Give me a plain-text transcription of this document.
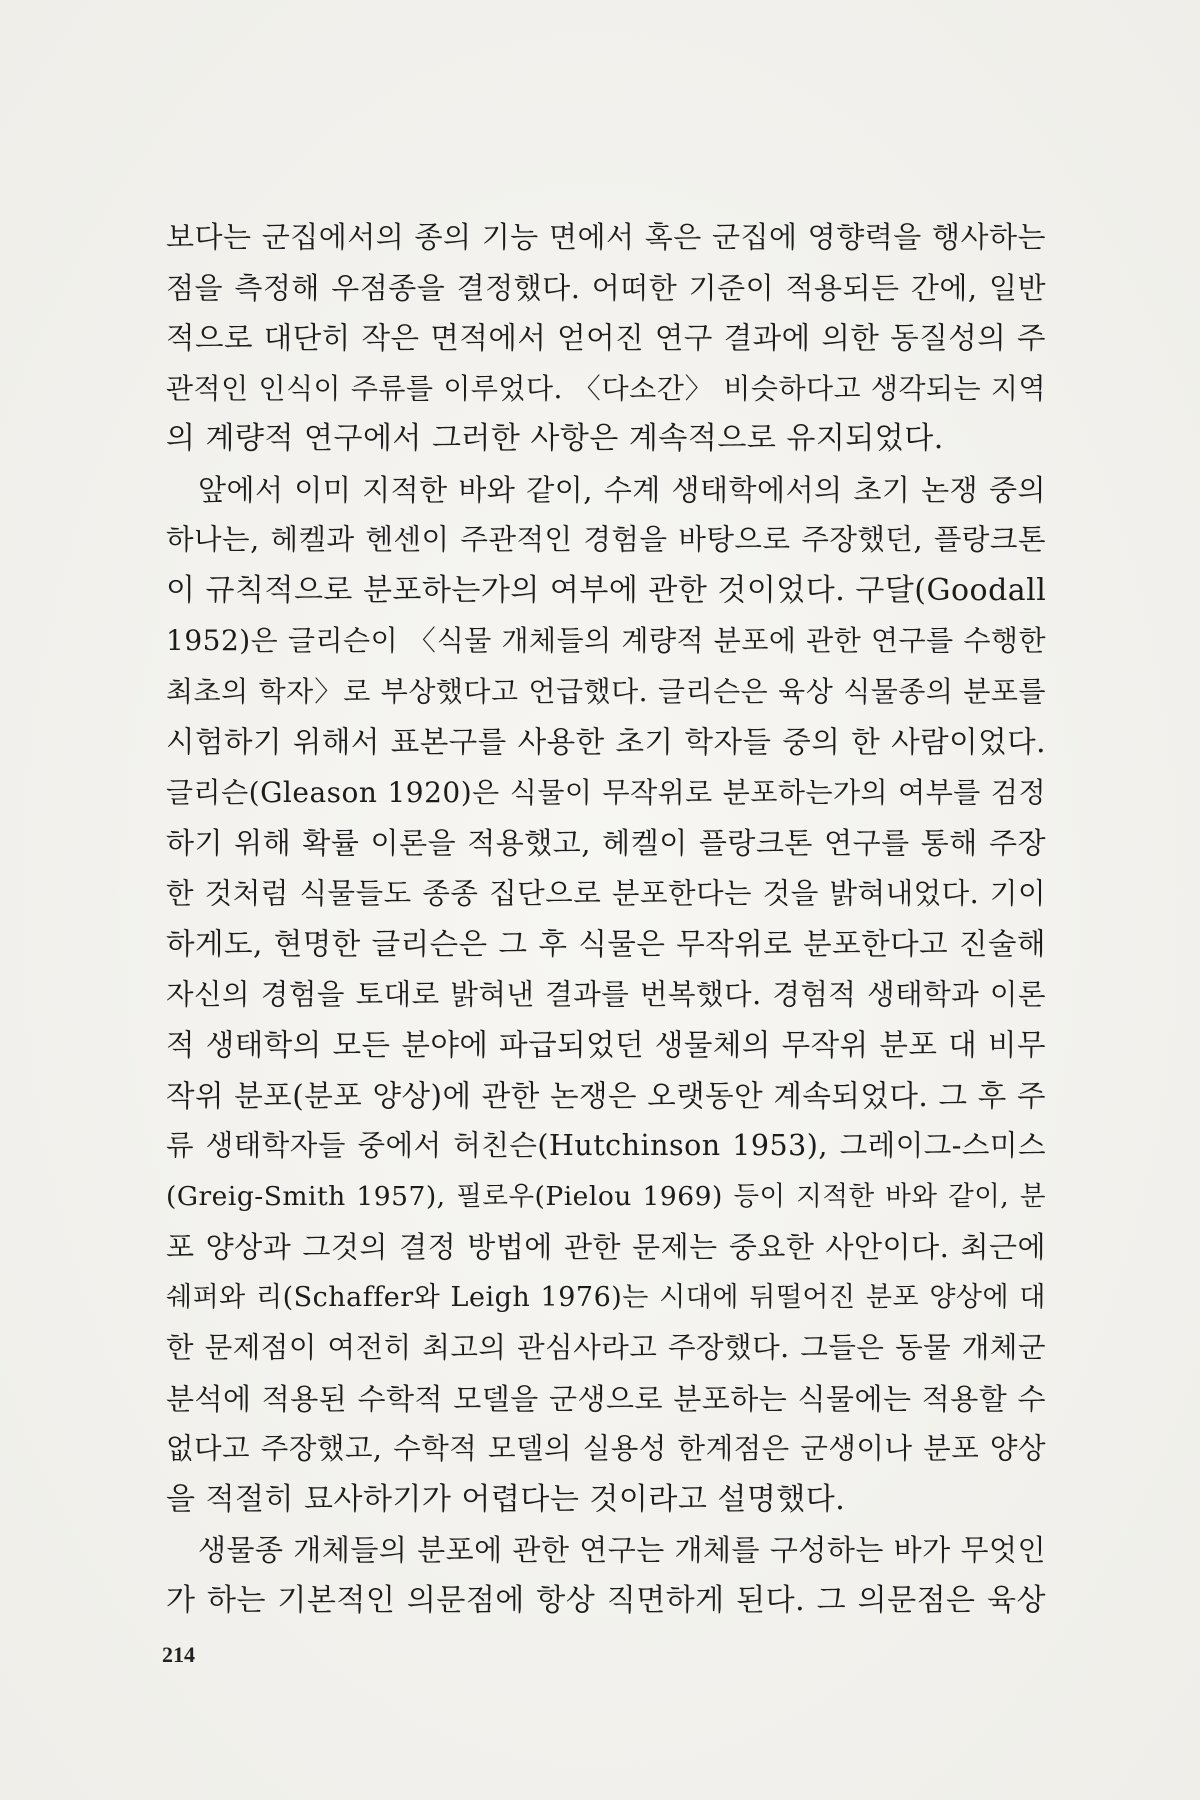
보다는 군집에서의 종의 기능 면에서 혹은 군집에 영향력을 행사하는
점을 측정해 우점종을 결정했다. 어떠한 기준이 적용되든 간에, 일반
적으로 대단히 작은 면적에서 얻어진 연구 결과에 의한 동질성의 주
관적인 인식이 주류를 이루었다. 〈다소간〉 비슷하다고 생각되는 지역
의 계량적 연구에서 그러한 사항은 계속적으로 유지되었다.
앞에서 이미 지적한 바와 같이, 수계 생태학에서의 초기 논쟁 중의
하나는, 헤켈과 헨센이 주관적인 경험을 바탕으로 주장했던, 플랑크톤
이 규칙적으로 분포하는가의 여부에 관한 것이었다. 구달(Goodall
1952)은 글리슨이 〈식물 개체들의 계량적 분포에 관한 연구를 수행한
최초의 학자〉로 부상했다고 언급했다. 글리슨은 육상 식물종의 분포를
시험하기 위해서 표본구를 사용한 초기 학자들 중의 한 사람이었다.
글리슨(Gleason 1920)은 식물이 무작위로 분포하는가의 여부를 검정
하기 위해 확률 이론을 적용했고, 헤켈이 플랑크톤 연구를 통해 주장
한 것처럼 식물들도 종종 집단으로 분포한다는 것을 밝혀내었다. 기이
하게도, 현명한 글리슨은 그 후 식물은 무작위로 분포한다고 진술해
자신의 경험을 토대로 밝혀낸 결과를 번복했다. 경험적 생태학과 이론
적 생태학의 모든 분야에 파급되었던 생물체의 무작위 분포 대 비무
작위 분포(분포 양상)에 관한 논쟁은 오랫동안 계속되었다. 그 후 주
류 생태학자들 중에서 허친슨(Hutchinson 1953), 그레이그-스미스
(Greig-Smith 1957), 필로우(Pielou 1969) 등이 지적한 바와 같이, 분
포 양상과 그것의 결정 방법에 관한 문제는 중요한 사안이다. 최근에
쉐퍼와 리(Schaffer와 Leigh 1976)는 시대에 뒤떨어진 분포 양상에 대
한 문제점이 여전히 최고의 관심사라고 주장했다. 그들은 동물 개체군
분석에 적용된 수학적 모델을 군생으로 분포하는 식물에는 적용할 수
없다고 주장했고, 수학적 모델의 실용성 한계점은 군생이나 분포 양상
을 적절히 묘사하기가 어렵다는 것이라고 설명했다.
생물종 개체들의 분포에 관한 연구는 개체를 구성하는 바가 무엇인
가 하는 기본적인 의문점에 항상 직면하게 된다. 그 의문점은 육상
214
